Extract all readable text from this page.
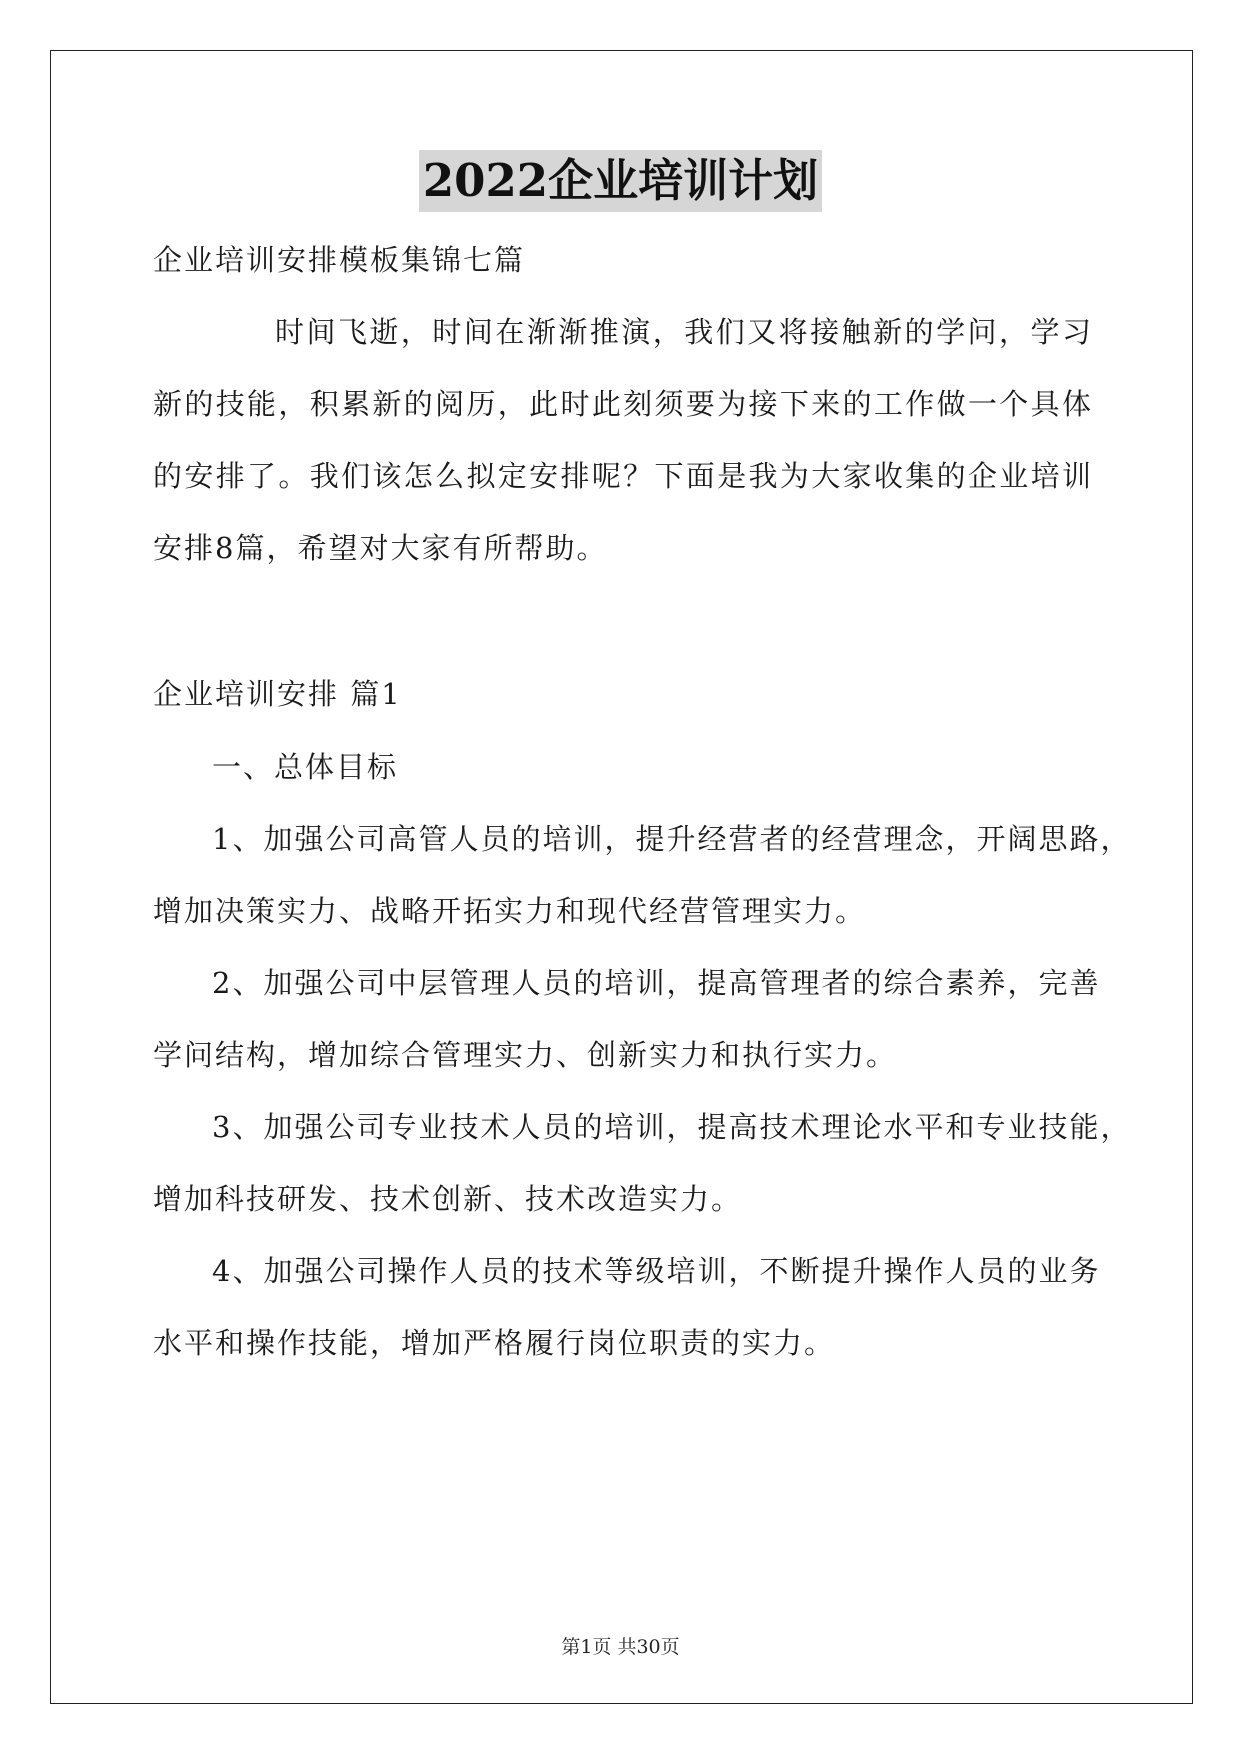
2022企业培训计划
企业培训安排模板集锦七篇
时间飞逝，时间在渐渐推演，我们又将接触新的学问，学习
新的技能，积累新的阅历，此时此刻须要为接下来的工作做一个具体
的安排了。我们该怎么拟定安排呢？下面是我为大家收集的企业培训
安排8篇，希望对大家有所帮助。
企业培训安排 篇1
一、总体目标
1、加强公司高管人员的培训，提升经营者的经营理念，开阔思路，
增加决策实力、战略开拓实力和现代经营管理实力。
2、加强公司中层管理人员的培训，提高管理者的综合素养，完善
学问结构，增加综合管理实力、创新实力和执行实力。
3、加强公司专业技术人员的培训，提高技术理论水平和专业技能，
增加科技研发、技术创新、技术改造实力。
4、加强公司操作人员的技术等级培训，不断提升操作人员的业务
水平和操作技能，增加严格履行岗位职责的实力。
第1页 共30页
